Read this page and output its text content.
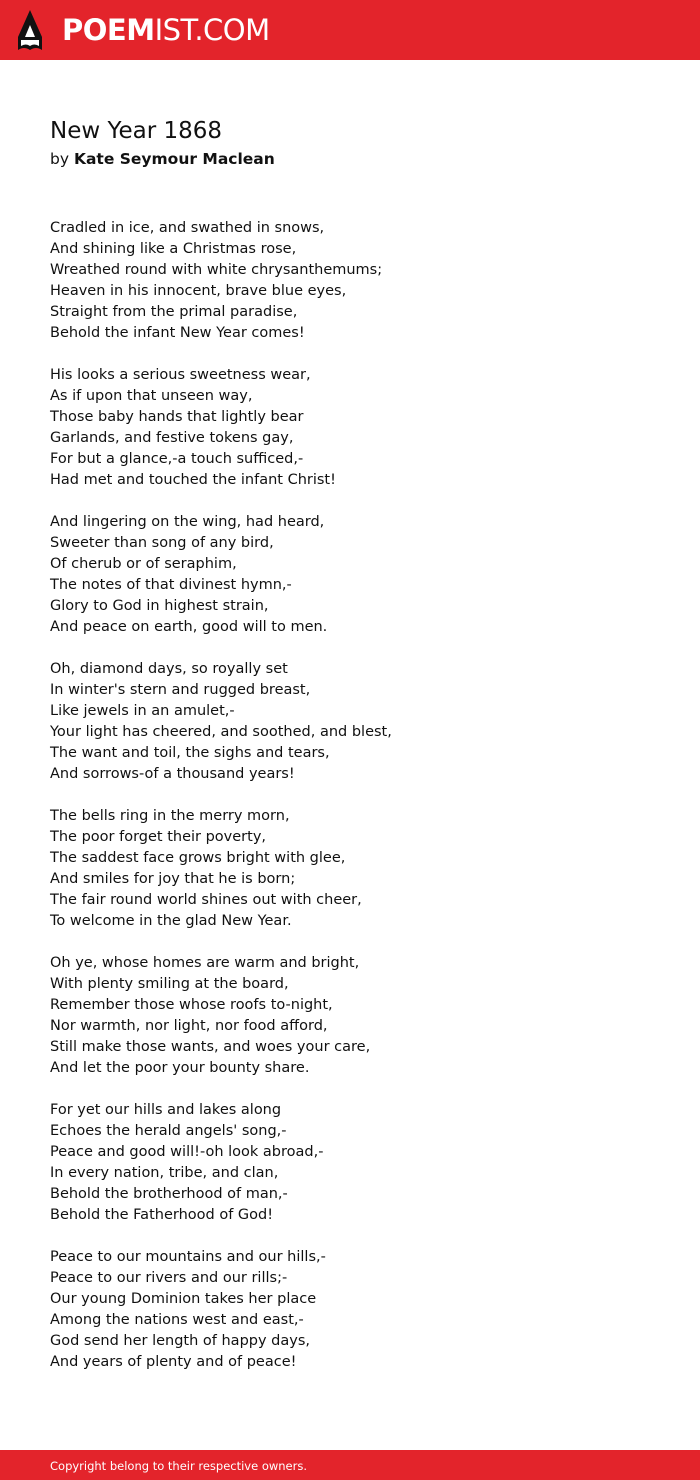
POEMIST.COM
New Year 1868
by Kate Seymour Maclean
Cradled in ice, and swathed in snows,
And shining like a Christmas rose,
Wreathed round with white chrysanthemums;
Heaven in his innocent, brave blue eyes,
Straight from the primal paradise,
Behold the infant New Year comes!
His looks a serious sweetness wear,
As if upon that unseen way,
Those baby hands that lightly bear
Garlands, and festive tokens gay,
For but a glance,-a touch sufficed,-
Had met and touched the infant Christ!
And lingering on the wing, had heard,
Sweeter than song of any bird,
Of cherub or of seraphim,
The notes of that divinest hymn,-
Glory to God in highest strain,
And peace on earth, good will to men.
Oh, diamond days, so royally set
In winter's stern and rugged breast,
Like jewels in an amulet,-
Your light has cheered, and soothed, and blest,
The want and toil, the sighs and tears,
And sorrows-of a thousand years!
The bells ring in the merry morn,
The poor forget their poverty,
The saddest face grows bright with glee,
And smiles for joy that he is born;
The fair round world shines out with cheer,
To welcome in the glad New Year.
Oh ye, whose homes are warm and bright,
With plenty smiling at the board,
Remember those whose roofs to-night,
Nor warmth, nor light, nor food afford,
Still make those wants, and woes your care,
And let the poor your bounty share.
For yet our hills and lakes along
Echoes the herald angels' song,-
Peace and good will!-oh look abroad,-
In every nation, tribe, and clan,
Behold the brotherhood of man,-
Behold the Fatherhood of God!
Peace to our mountains and our hills,-
Peace to our rivers and our rills;-
Our young Dominion takes her place
Among the nations west and east,-
God send her length of happy days,
And years of plenty and of peace!
Copyright belong to their respective owners.
